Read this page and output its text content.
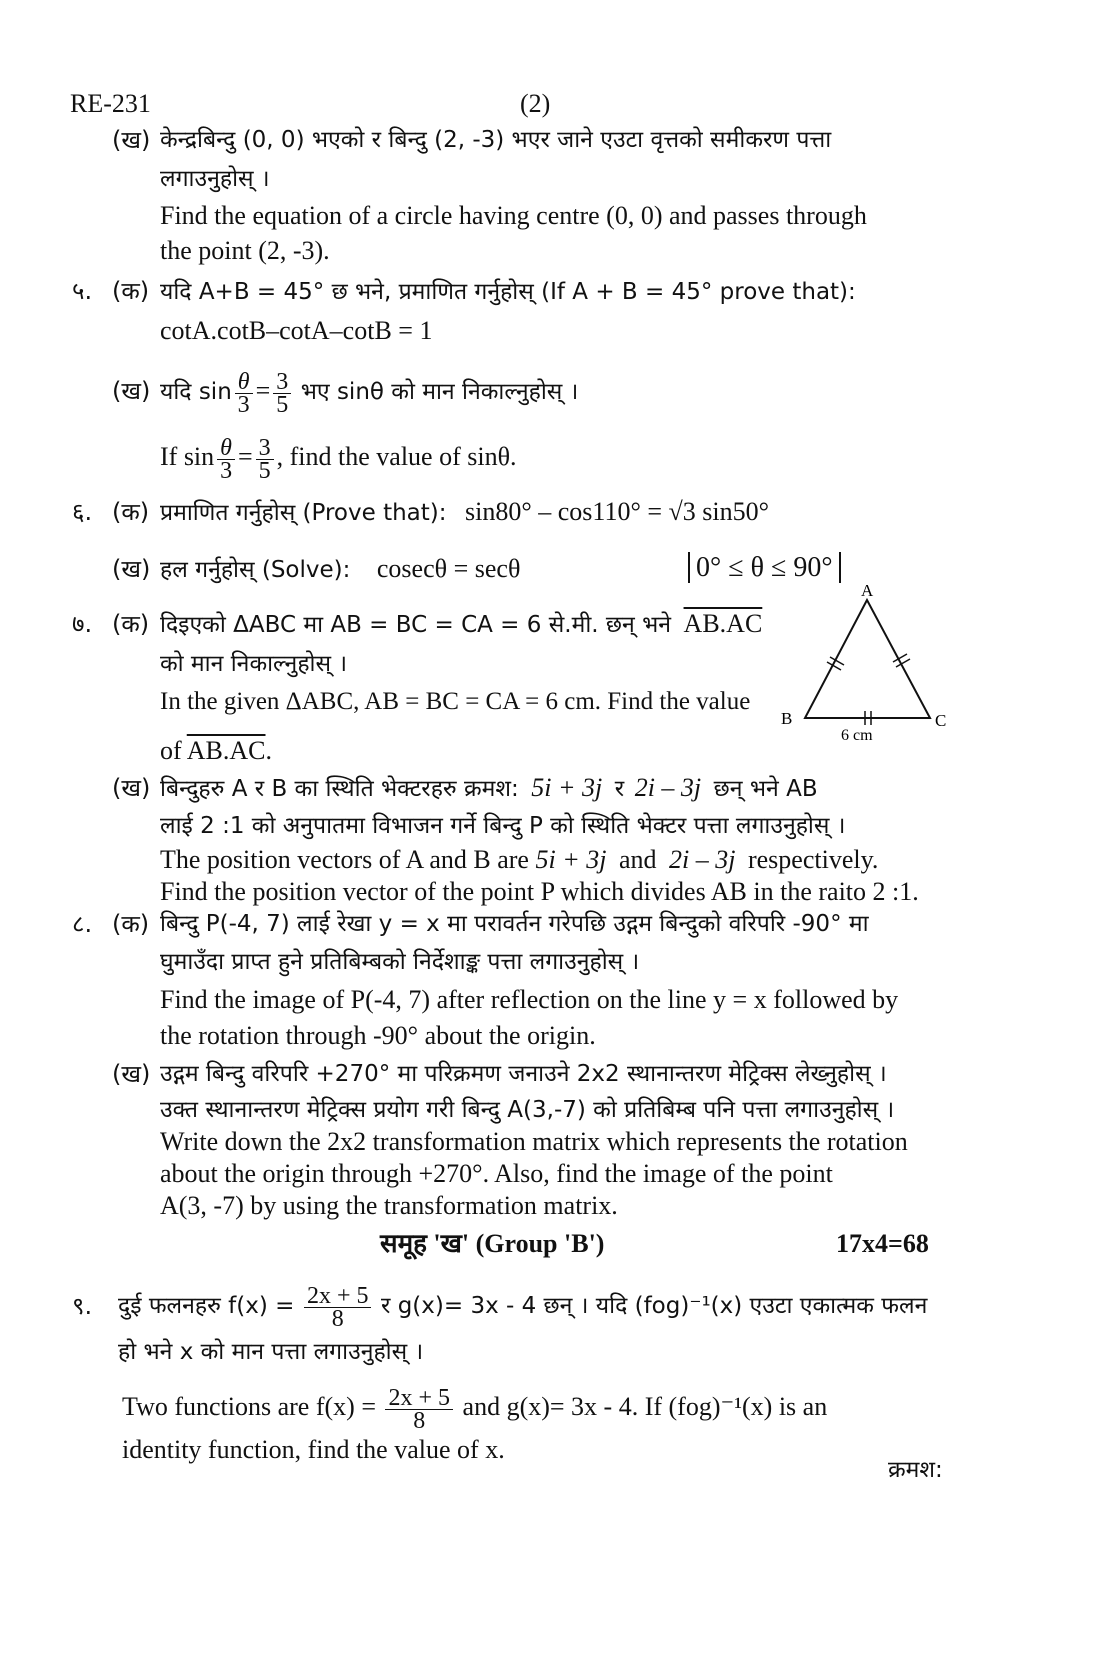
RE-231	(2)
(ख) केन्द्रबिन्दु (0, 0) भएको र बिन्दु (2, -3) भएर जाने एउटा वृत्तको समीकरण पत्ता
लगाउनुहोस् ।
Find the equation of a circle having centre (0, 0) and passes through
the point (2, -3).
५. (क) यदि A+B = 45° छ भने, प्रमाणित गर्नुहोस् (If A + B = 45° prove that):
cotA.cotB–cotA–cotB = 1
(ख) यदि $\sin \frac{\theta}{3} = \frac{3}{5}$ भए sinθ को मान निकाल्नुहोस् ।
If $\sin \frac{\theta}{3} = \frac{3}{5}$ , find the value of sinθ.
६. (क) प्रमाणित गर्नुहोस् (Prove that): sin80° – cos110° = √3 sin50°
(ख) हल गर्नुहोस् (Solve): cosecθ = secθ	0° ≤ θ ≤ 90°
७. (क) दिइएको ΔABC मा AB = BC = CA = 6 से.मी. छन् भने AB.AC
को मान निकाल्नुहोस् ।
In the given ΔABC, AB = BC = CA = 6 cm. Find the value
of AB.AC.
A
B	C
6 cm
(ख) बिन्दुहरु A र B का स्थिति भेक्टरहरु क्रमश: 5i + 3j र 2i – 3j छन् भने AB
लाई 2 :1 को अनुपातमा विभाजन गर्ने बिन्दु P को स्थिति भेक्टर पत्ता लगाउनुहोस् ।
The position vectors of A and B are 5i + 3j and 2i – 3j respectively.
Find the position vector of the point P which divides AB in the raito 2 :1.
८. (क) बिन्दु P(-4, 7) लाई रेखा y = x मा परावर्तन गरेपछि उद्गम बिन्दुको वरिपरि -90° मा
घुमाउँदा प्राप्त हुने प्रतिबिम्बको निर्देशाङ्क पत्ता लगाउनुहोस् ।
Find the image of P(-4, 7) after reflection on the line y = x followed by
the rotation through -90° about the origin.
(ख) उद्गम बिन्दु वरिपरि +270° मा परिक्रमण जनाउने 2x2 स्थानान्तरण मेट्रिक्स लेख्नुहोस् ।
उक्त स्थानान्तरण मेट्रिक्स प्रयोग गरी बिन्दु A(3,-7) को प्रतिबिम्ब पनि पत्ता लगाउनुहोस् ।
Write down the 2x2 transformation matrix which represents the rotation
about the origin through +270°. Also, find the image of the point
A(3, -7) by using the transformation matrix.
समूह 'ख' (Group 'B')	17x4=68
९. दुई फलनहरु $f(x) = \frac{2x + 5}{8}$ र g(x)= 3x - 4 छन् । यदि (fog)⁻¹(x) एउटा एकात्मक फलन
हो भने x को मान पत्ता लगाउनुहोस् ।
Two functions are $f(x) = \frac{2x + 5}{8}$ and g(x)= 3x - 4. If (fog)⁻¹(x) is an
identity function, find the value of x.
क्रमश:
